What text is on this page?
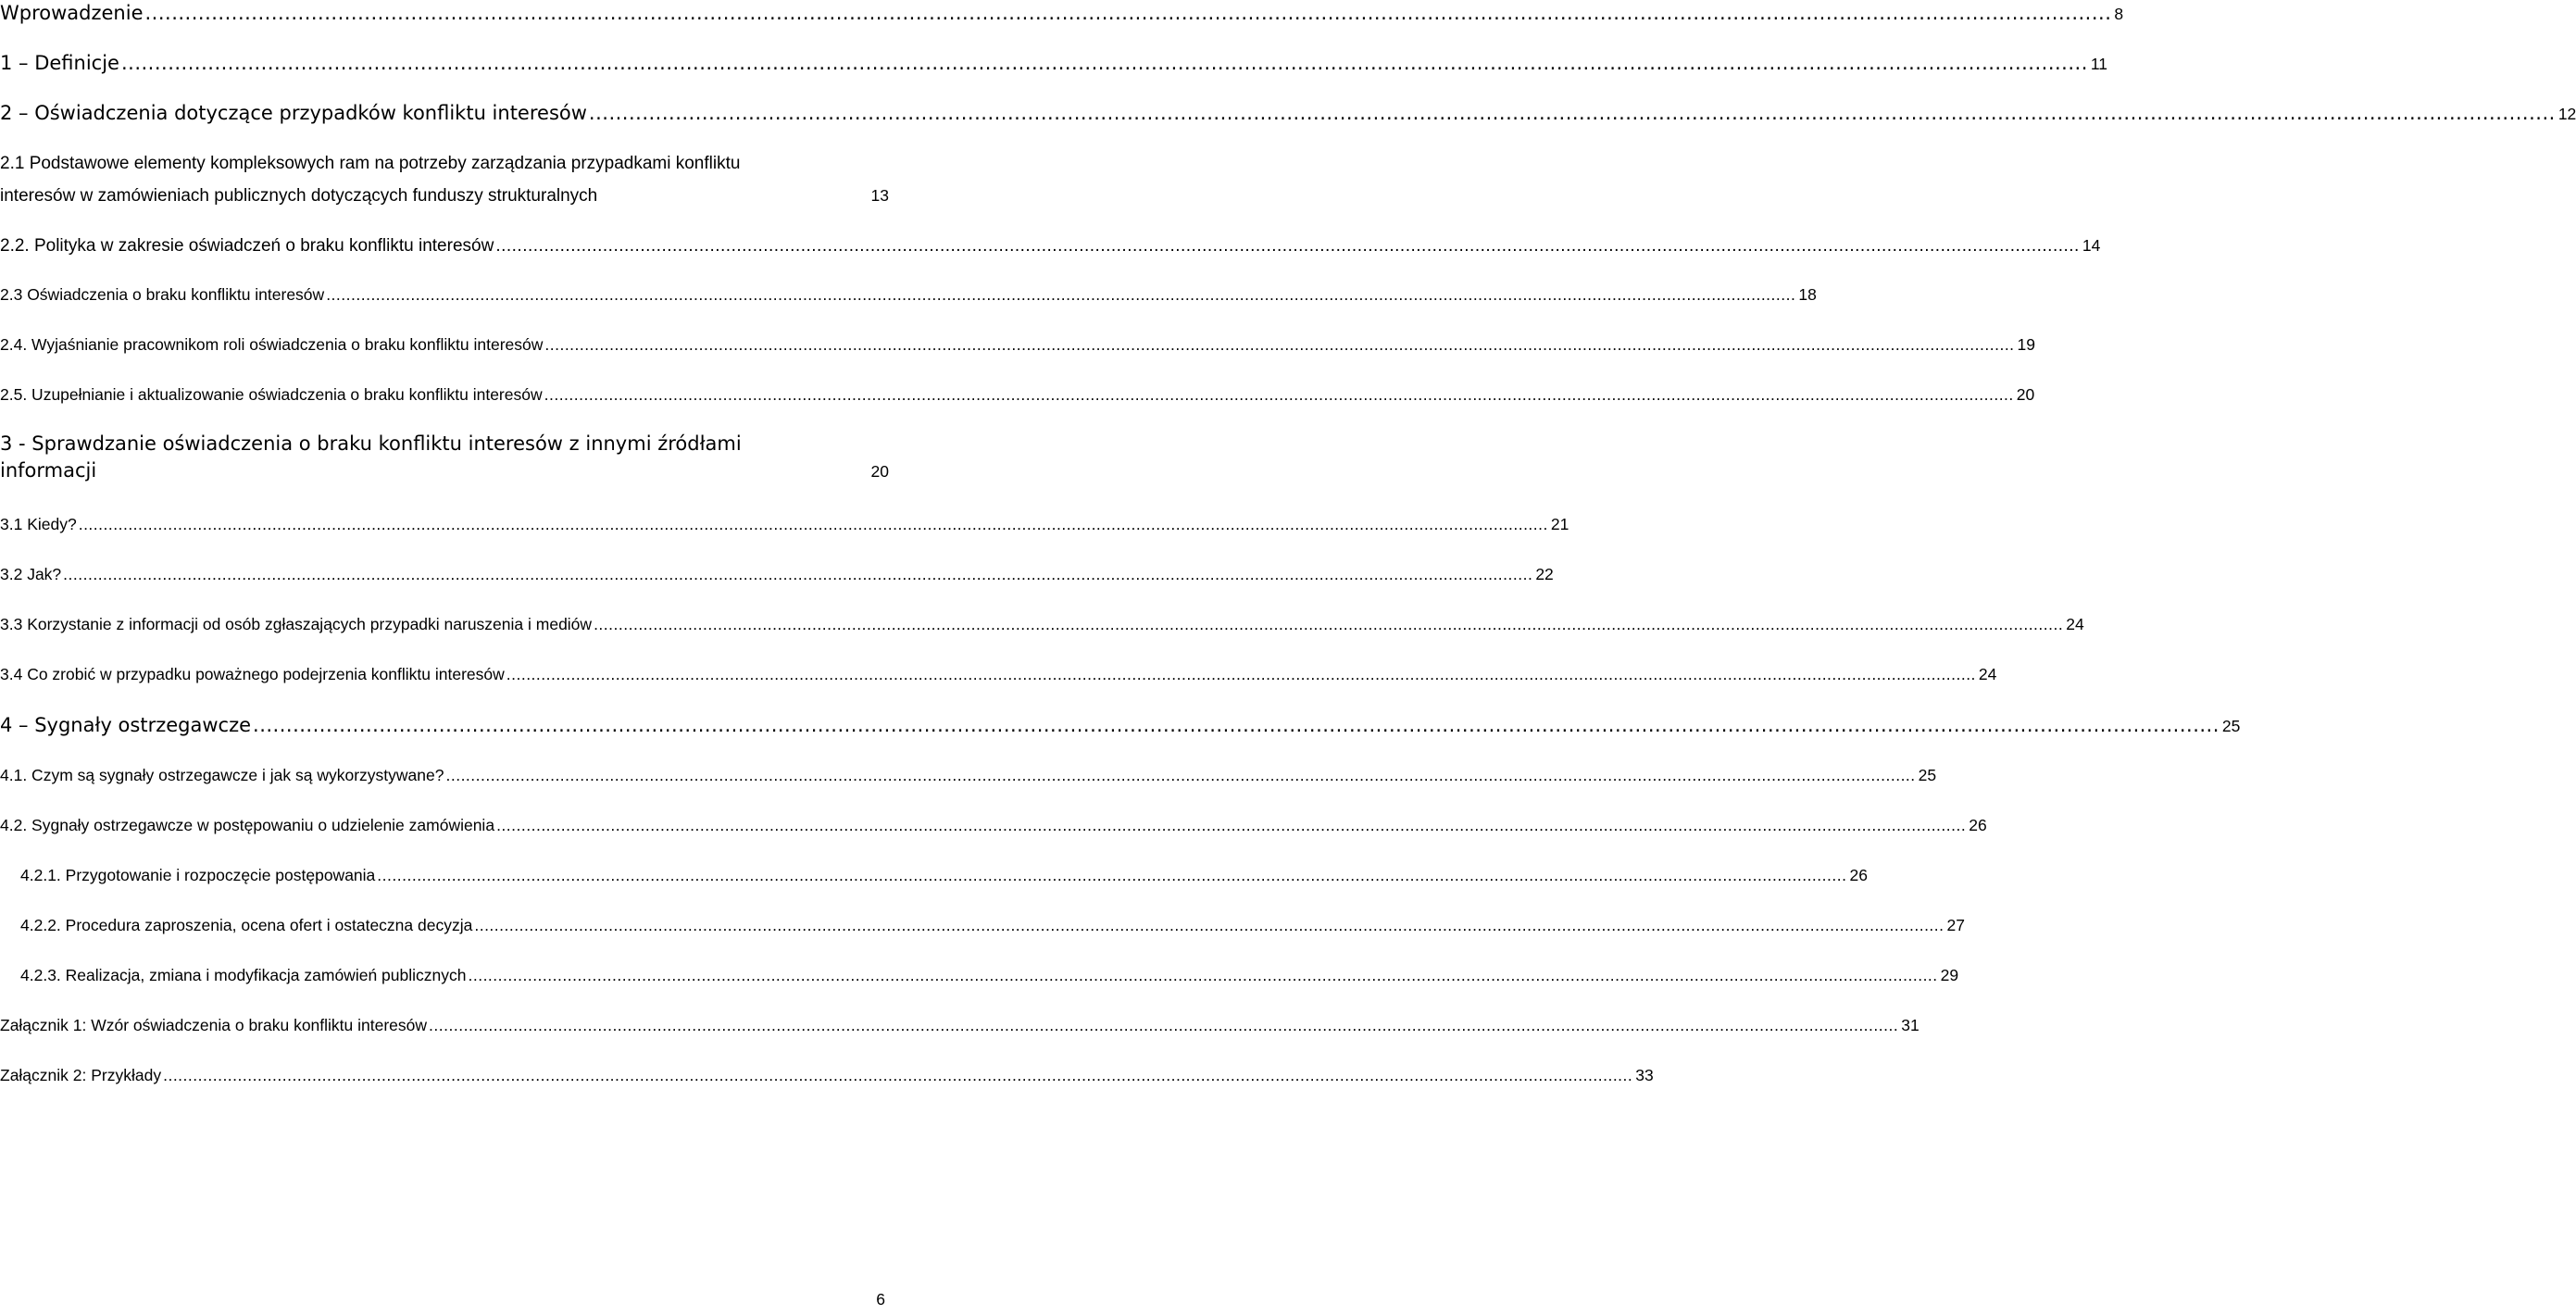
Wprowadzenie .....	8
1 – Definicje .....	11
2 – Oświadczenia dotyczące przypadków konfliktu interesów .....	12
2.1 Podstawowe elementy kompleksowych ram na potrzeby zarządzania przypadkami konfliktu
interesów w zamówieniach publicznych dotyczących funduszy strukturalnych	13
2.2. Polityka w zakresie oświadczeń o braku konfliktu interesów .....	14
2.3 Oświadczenia o braku konfliktu interesów .....	18
2.4. Wyjaśnianie pracownikom roli oświadczenia o braku konfliktu interesów .....	19
2.5. Uzupełnianie i aktualizowanie oświadczenia o braku konfliktu interesów .....	20
3 - Sprawdzanie oświadczenia o braku konfliktu interesów z innymi źródłami
informacji	20
3.1 Kiedy? .....	21
3.2 Jak? .....	22
3.3 Korzystanie z informacji od osób zgłaszających przypadki naruszenia i mediów .....	24
3.4 Co zrobić w przypadku poważnego podejrzenia konfliktu interesów .....	24
4 – Sygnały ostrzegawcze .....	25
4.1. Czym są sygnały ostrzegawcze i jak są wykorzystywane? .....	25
4.2. Sygnały ostrzegawcze w postępowaniu o udzielenie zamówienia .....	26
4.2.1. Przygotowanie i rozpoczęcie postępowania .....	26
4.2.2. Procedura zaproszenia, ocena ofert i ostateczna decyzja .....	27
4.2.3. Realizacja, zmiana i modyfikacja zamówień publicznych .....	29
Załącznik 1: Wzór oświadczenia o braku konfliktu interesów .....	31
Załącznik 2: Przykłady .....	33
6
